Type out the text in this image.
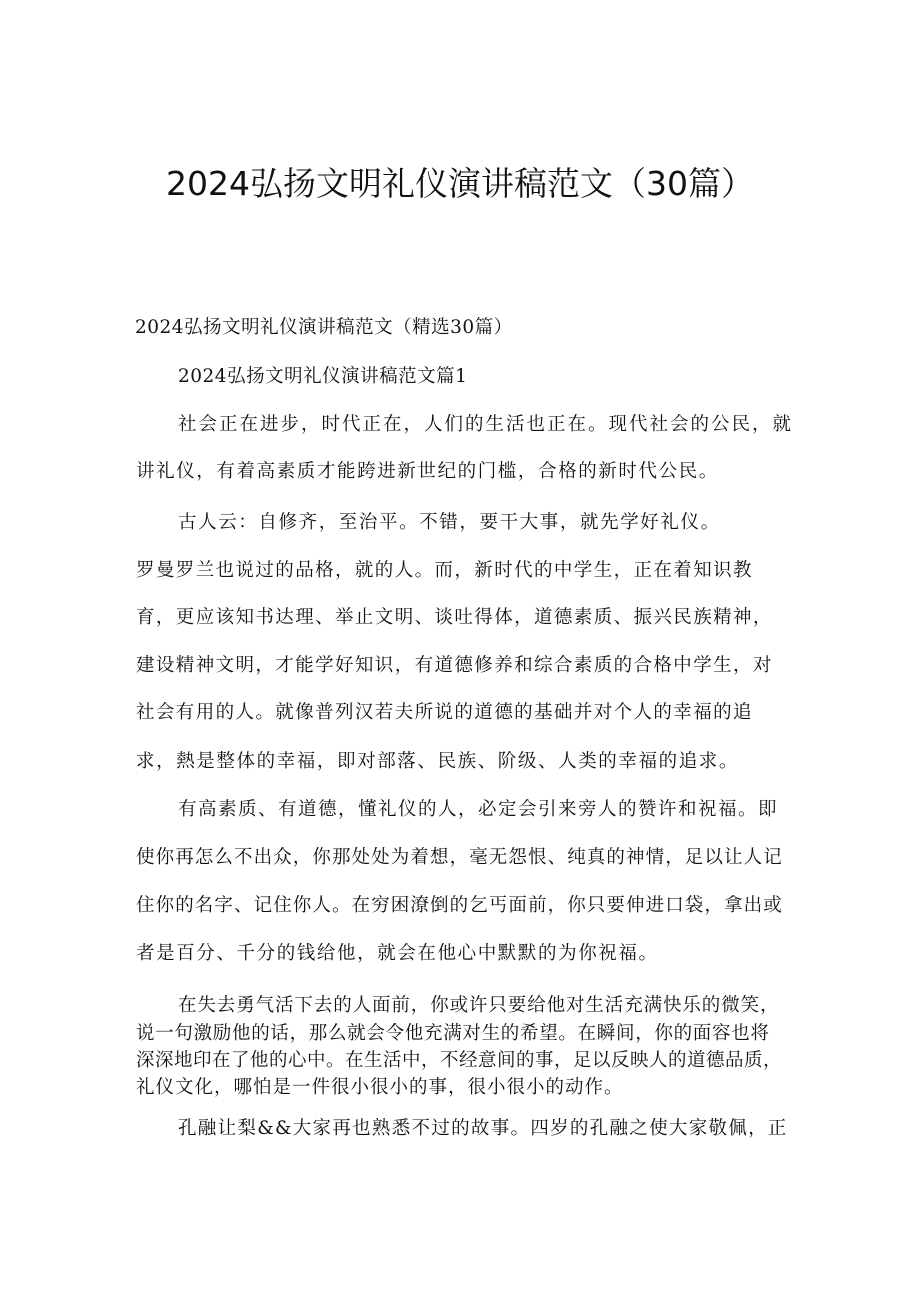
2024弘扬文明礼仪演讲稿范文（30篇）

2024弘扬文明礼仪演讲稿范文（精选30篇）

2024弘扬文明礼仪演讲稿范文篇1

社会正在进步，时代正在，人们的生活也正在。现代社会的公民，就

讲礼仪，有着高素质才能跨进新世纪的门槛，合格的新时代公民。

古人云：自修齐，至治平。不错，要干大事，就先学好礼仪。

罗曼罗兰也说过的品格，就的人。而，新时代的中学生，正在着知识教

育，更应该知书达理、举止文明、谈吐得体，道德素质、振兴民族精神，

建设精神文明，才能学好知识，有道德修养和综合素质的合格中学生，对

社会有用的人。就像普列汉若夫所说的道德的基础并对个人的幸福的追

求，熱是整体的幸福，即对部落、民族、阶级、人类的幸福的追求。

有高素质、有道德，懂礼仪的人，必定会引来旁人的赞许和祝福。即

使你再怎么不出众，你那处处为着想，毫无怨恨、纯真的神情，足以让人记

住你的名字、记住你人。在穷困潦倒的乞丐面前，你只要伸进口袋，拿出或

者是百分、千分的钱给他，就会在他心中默默的为你祝福。

在失去勇气活下去的人面前，你或许只要给他对生活充满快乐的微笑，

说一句激励他的话，那么就会令他充满对生的希望。在瞬间，你的面容也将

深深地印在了他的心中。在生活中，不经意间的事，足以反映人的道德品质，

礼仪文化，哪怕是一件很小很小的事，很小很小的动作。

孔融让梨&&大家再也熟悉不过的故事。四岁的孔融之使大家敬佩，正
